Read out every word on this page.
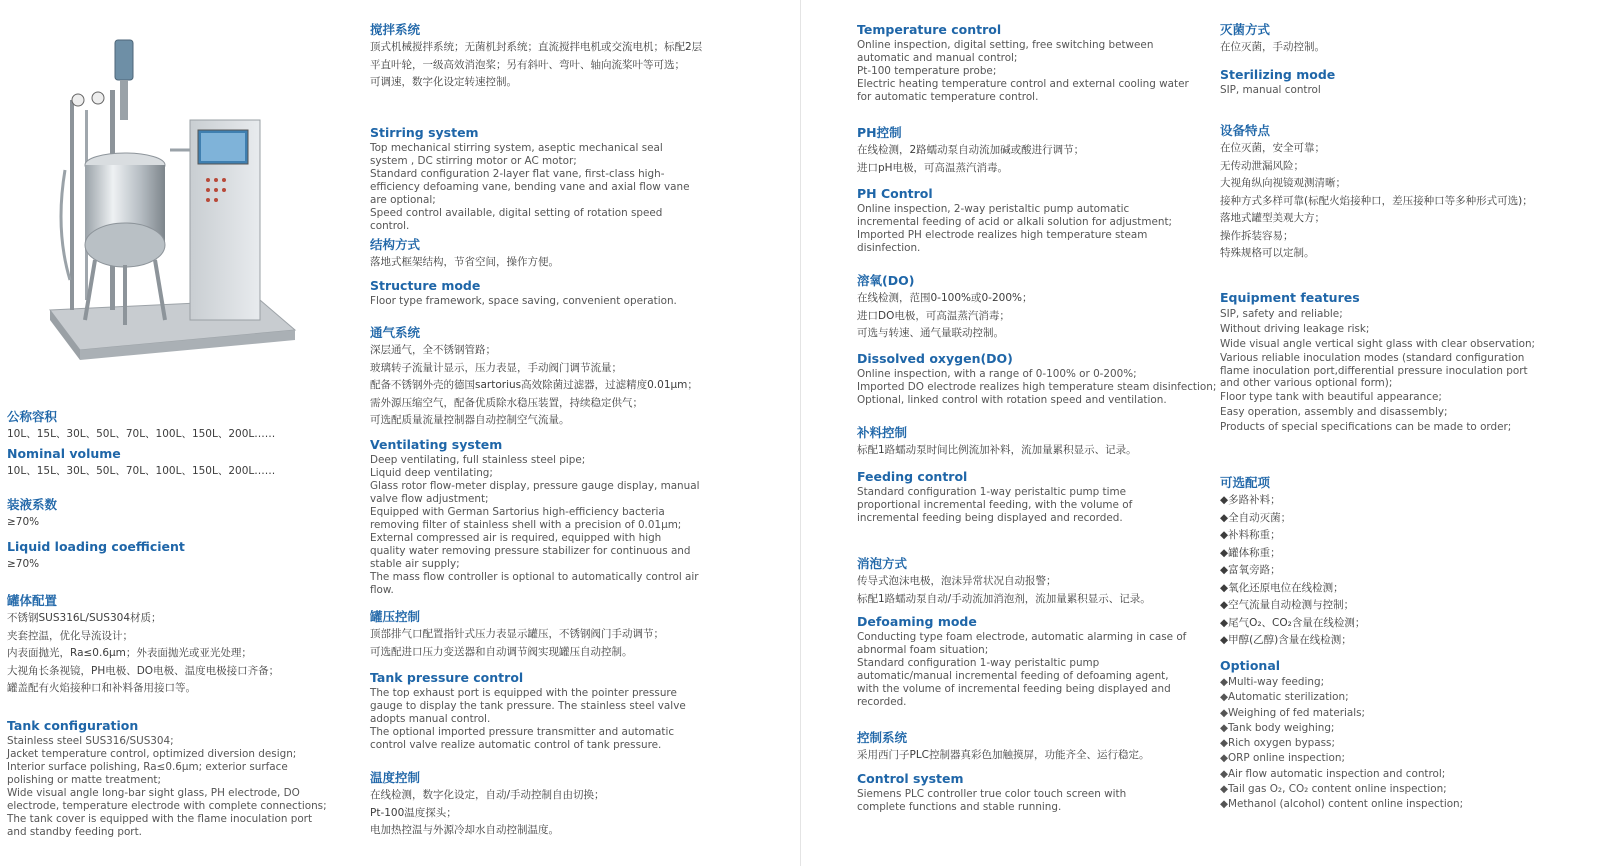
公称容积
10L、15L、30L、50L、70L、100L、150L、200L……
Nominal volume
10L、15L、30L、50L、70L、100L、150L、200L……
装液系数
≥70%
Liquid loading coefficient
≥70%
罐体配置
不锈钢SUS316L/SUS304材质；
夹套控温，优化导流设计；
内表面抛光，Ra≤0.6μm；外表面抛光或亚光处理；
大视角长条视镜，PH电极、DO电极、温度电极接口齐备；
罐盖配有火焰接种口和补料备用接口等。
Tank configuration
Stainless steel SUS316/SUS304;
Jacket temperature control, optimized diversion design;
Interior surface polishing, Ra≤0.6μm; exterior surface polishing or matte treatment;
Wide visual angle long-bar sight glass, PH electrode, DO electrode, temperature electrode with complete connections;
The tank cover is equipped with the flame inoculation port and standby feeding port.
搅拌系统
顶式机械搅拌系统；无菌机封系统；直流搅拌电机或交流电机；标配2层平直叶轮，一级高效消泡桨；另有斜叶、弯叶、轴向流桨叶等可选；
可调速，数字化设定转速控制。
Stirring system
Top mechanical stirring system, aseptic mechanical seal system , DC stirring motor or AC motor;
Standard configuration 2-layer flat vane, first-class high-efficiency defoaming vane, bending vane and axial flow vane are optional;
Speed control available, digital setting of rotation speed control.
结构方式
落地式框架结构，节省空间，操作方便。
Structure mode
Floor type framework, space saving, convenient operation.
通气系统
深层通气，全不锈钢管路；
玻璃转子流量计显示，压力表显，手动阀门调节流量；
配备不锈钢外壳的德国sartorius高效除菌过滤器，过滤精度0.01μm；
需外源压缩空气，配备优质除水稳压装置，持续稳定供气；
可选配质量流量控制器自动控制空气流量。
Ventilating system
Deep ventilating, full stainless steel pipe;
Liquid deep ventilating;
Glass rotor flow-meter display, pressure gauge display, manual valve flow adjustment;
Equipped with German Sartorius high-efficiency bacteria removing filter of stainless shell with a precision of 0.01μm;
External compressed air is required, equipped with high quality water removing pressure stabilizer for continuous and stable air supply;
The mass flow controller is optional to automatically control air flow.
罐压控制
顶部排气口配置指针式压力表显示罐压，不锈钢阀门手动调节；
可选配进口压力变送器和自动调节阀实现罐压自动控制。
Tank pressure control
The top exhaust port is equipped with the pointer pressure gauge to display the tank pressure. The stainless steel valve adopts manual control.
The optional imported pressure transmitter and automatic control valve realize automatic control of tank pressure.
温度控制
在线检测，数字化设定，自动/手动控制自由切换；
Pt-100温度探头；
电加热控温与外源冷却水自动控制温度。
Temperature control
Online inspection, digital setting, free switching between automatic and manual control;
Pt-100 temperature probe;
Electric heating temperature control and external cooling water for automatic temperature control.
PH控制
在线检测，2路蠕动泵自动流加碱或酸进行调节；
进口pH电极，可高温蒸汽消毒。
PH Control
Online inspection, 2-way peristaltic pump automatic incremental feeding of acid or alkali solution for adjustment;
Imported PH electrode realizes high temperature steam disinfection.
溶氧(DO)
在线检测，范围0-100%或0-200%；
进口DO电极，可高温蒸汽消毒；
可选与转速、通气量联动控制。
Dissolved oxygen(DO)
Online inspection, with a range of 0-100% or 0-200%;
Imported DO electrode realizes high temperature steam disinfection;
Optional, linked control with rotation speed and ventilation.
补料控制
标配1路蠕动泵时间比例流加补料，流加量累积显示、记录。
Feeding control
Standard configuration 1-way peristaltic pump time proportional incremental feeding, with the volume of incremental feeding being displayed and recorded.
消泡方式
传导式泡沫电极，泡沫异常状况自动报警；
标配1路蠕动泵自动/手动流加消泡剂，流加量累积显示、记录。
Defoaming mode
Conducting type foam electrode, automatic alarming in case of abnormal foam situation;
Standard configuration 1-way peristaltic pump automatic/manual incremental feeding of defoaming agent, with the volume of incremental feeding being displayed and recorded.
控制系统
采用西门子PLC控制器真彩色加触摸屏，功能齐全、运行稳定。
Control system
Siemens PLC controller true color touch screen with complete functions and stable running.
灭菌方式
在位灭菌，手动控制。
Sterilizing mode
SIP, manual control
设备特点
在位灭菌，安全可靠；
无传动泄漏风险；
大视角纵向视镜观测清晰；
接种方式多样可靠(标配火焰接种口，差压接种口等多种形式可选)；
落地式罐型美观大方；
操作拆装容易；
特殊规格可以定制。
Equipment features
SIP, safety and reliable;
Without driving leakage risk;
Wide visual angle vertical sight glass with clear observation;
Various reliable inoculation modes (standard configuration flame inoculation port,differential pressure inoculation port and other various optional form);
Floor type tank with beautiful appearance;
Easy operation, assembly and disassembly;
Products of special specifications can be made to order;
可选配项
◆多路补料；
◆全自动灭菌；
◆补料称重；
◆罐体称重；
◆富氧旁路；
◆氧化还原电位在线检测；
◆空气流量自动检测与控制；
◆尾气O₂、CO₂含量在线检测；
◆甲醇(乙醇)含量在线检测；
Optional
◆Multi-way feeding;
◆Automatic sterilization;
◆Weighing of fed materials;
◆Tank body weighing;
◆Rich oxygen bypass;
◆ORP online inspection;
◆Air flow automatic inspection and control;
◆Tail gas O₂, CO₂ content online inspection;
◆Methanol (alcohol) content online inspection;
